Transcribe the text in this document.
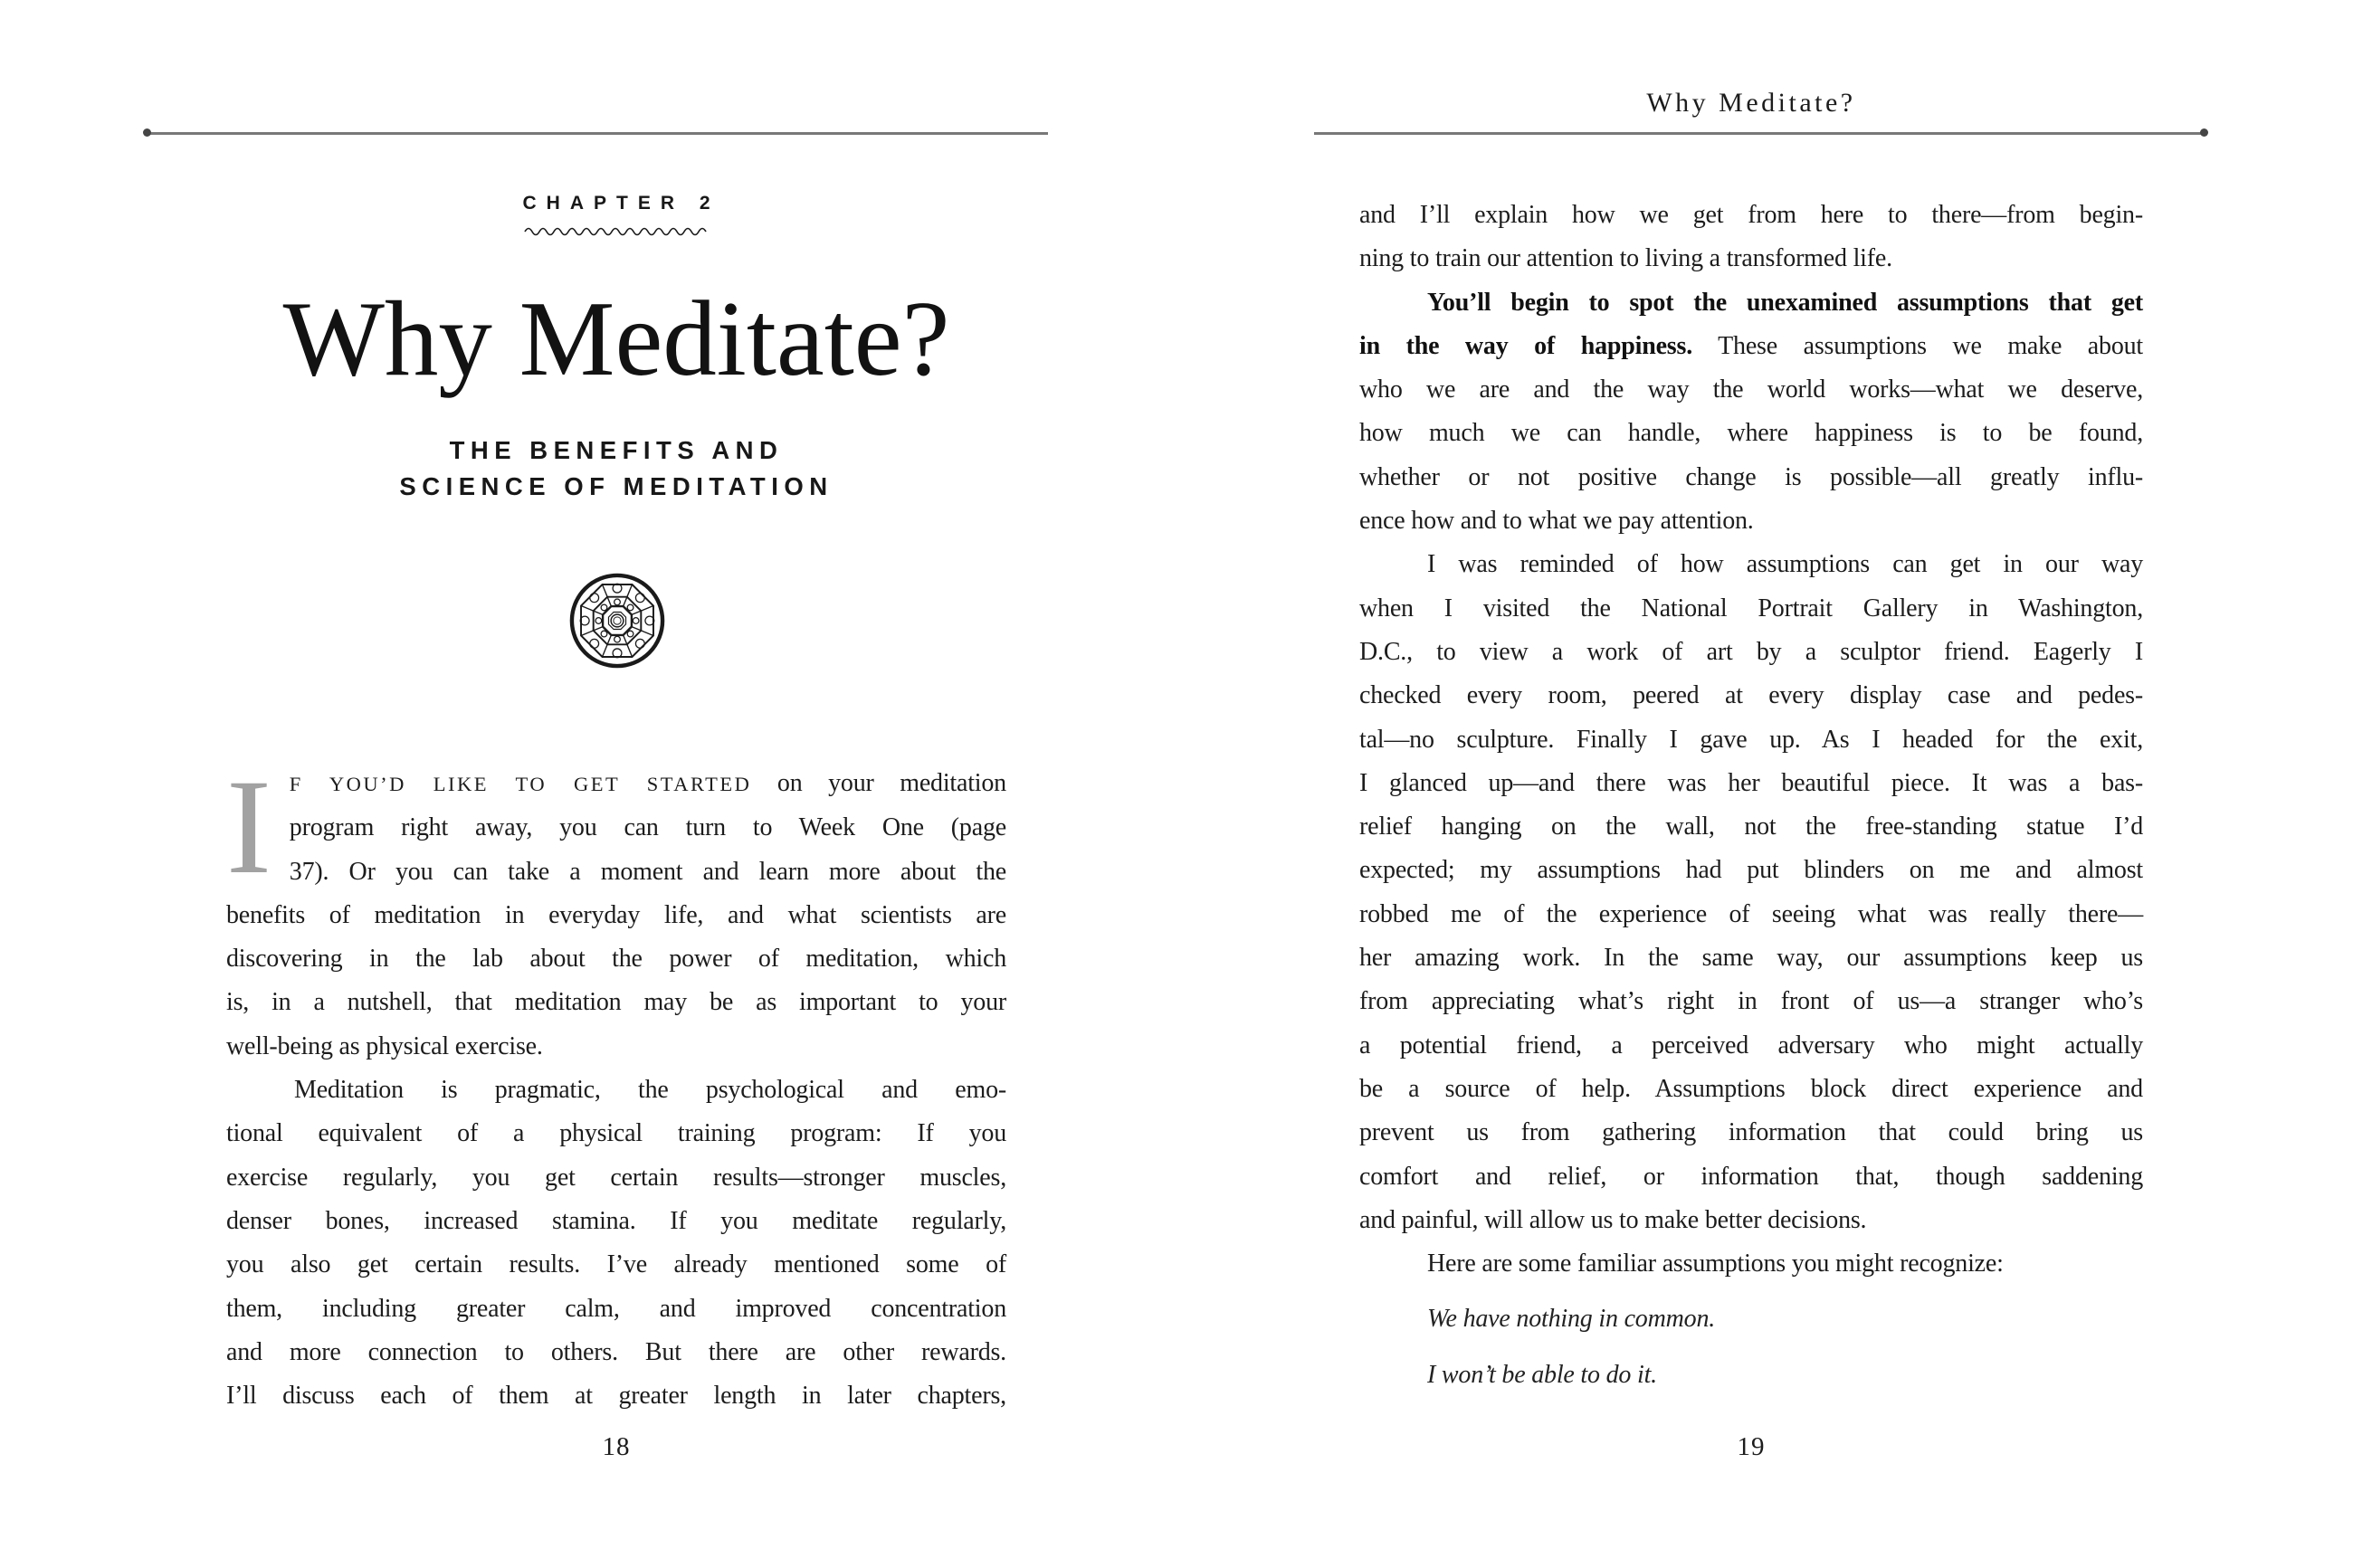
CHAPTER 2
Why Meditate?
THE BENEFITS AND
SCIENCE OF MEDITATION
I F YOU’D LIKE TO GET STARTED on your meditation
program right away, you can turn to Week One (page
37). Or you can take a moment and learn more about the
benefits of meditation in everyday life, and what scientists are
discovering in the lab about the power of meditation, which
is, in a nutshell, that meditation may be as important to your
well-being as physical exercise.
Meditation is pragmatic, the psychological and emo-
tional equivalent of a physical training program: If you
exercise regularly, you get certain results—stronger muscles,
denser bones, increased stamina. If you meditate regularly,
you also get certain results. I’ve already mentioned some of
them, including greater calm, and improved concentration
and more connection to others. But there are other rewards.
I’ll discuss each of them at greater length in later chapters,
18
Why Meditate?
and I’ll explain how we get from here to there—from begin-
ning to train our attention to living a transformed life.
You’ll begin to spot the unexamined assumptions that get
in the way of happiness. These assumptions we make about
who we are and the way the world works—what we deserve,
how much we can handle, where happiness is to be found,
whether or not positive change is possible—all greatly influ-
ence how and to what we pay attention.
I was reminded of how assumptions can get in our way
when I visited the National Portrait Gallery in Washington,
D.C., to view a work of art by a sculptor friend. Eagerly I
checked every room, peered at every display case and pedes-
tal—no sculpture. Finally I gave up. As I headed for the exit,
I glanced up—and there was her beautiful piece. It was a bas-
relief hanging on the wall, not the free-standing statue I’d
expected; my assumptions had put blinders on me and almost
robbed me of the experience of seeing what was really there—
her amazing work. In the same way, our assumptions keep us
from appreciating what’s right in front of us—a stranger who’s
a potential friend, a perceived adversary who might actually
be a source of help. Assumptions block direct experience and
prevent us from gathering information that could bring us
comfort and relief, or information that, though saddening
and painful, will allow us to make better decisions.
Here are some familiar assumptions you might recognize:
We have nothing in common.
I won’t be able to do it.
19
